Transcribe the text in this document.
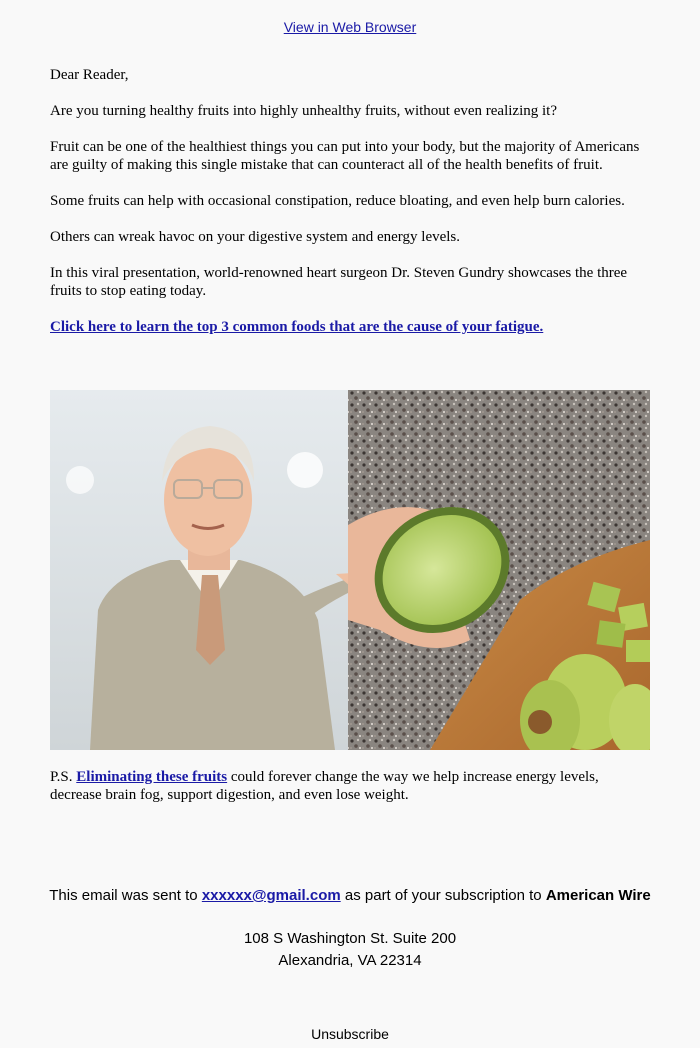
View in Web Browser

Dear Reader,

Are you turning healthy fruits into highly unhealthy fruits, without even realizing it?

Fruit can be one of the healthiest things you can put into your body, but the majority of Americans are guilty of making this single mistake that can counteract all of the health benefits of fruit.

Some fruits can help with occasional constipation, reduce bloating, and even help burn calories.

Others can wreak havoc on your digestive system and energy levels.

In this viral presentation, world-renowned heart surgeon Dr. Steven Gundry showcases the three fruits to stop eating today.

Click here to learn the top 3 common foods that are the cause of your fatigue.

P.S. Eliminating these fruits could forever change the way we help increase energy levels, decrease brain fog, support digestion, and even lose weight.

This email was sent to xxxxxx@gmail.com as part of your subscription to American Wire
108 S Washington St. Suite 200
Alexandria, VA 22314
Unsubscribe
